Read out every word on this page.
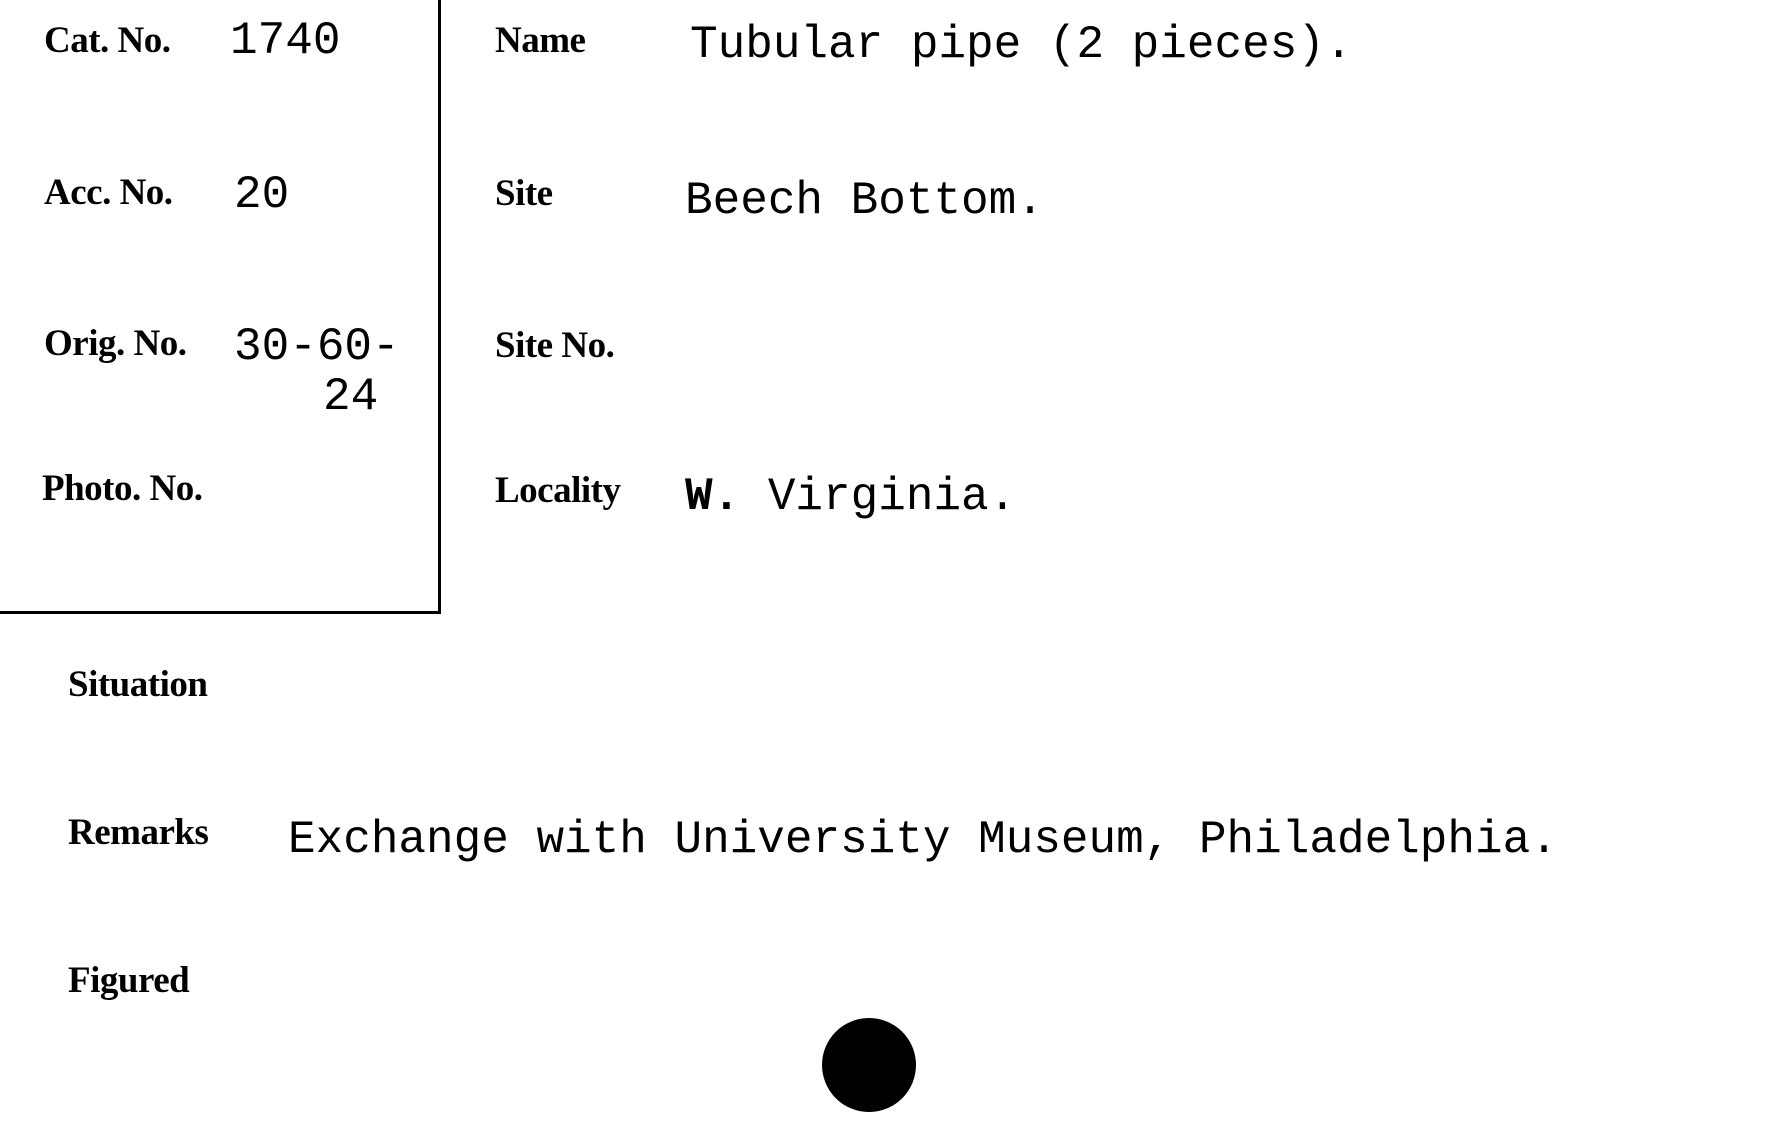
Cat. No. 1740
Acc. No. 20
Orig. No. 30-60-
24
Photo. No.
Name Tubular pipe (2 pieces).
Site	Beech Bottom.
Site No.
Locality W. Virginia.
Situation
Remarks Exchange with University Museum, Philadelphia.
Figured
